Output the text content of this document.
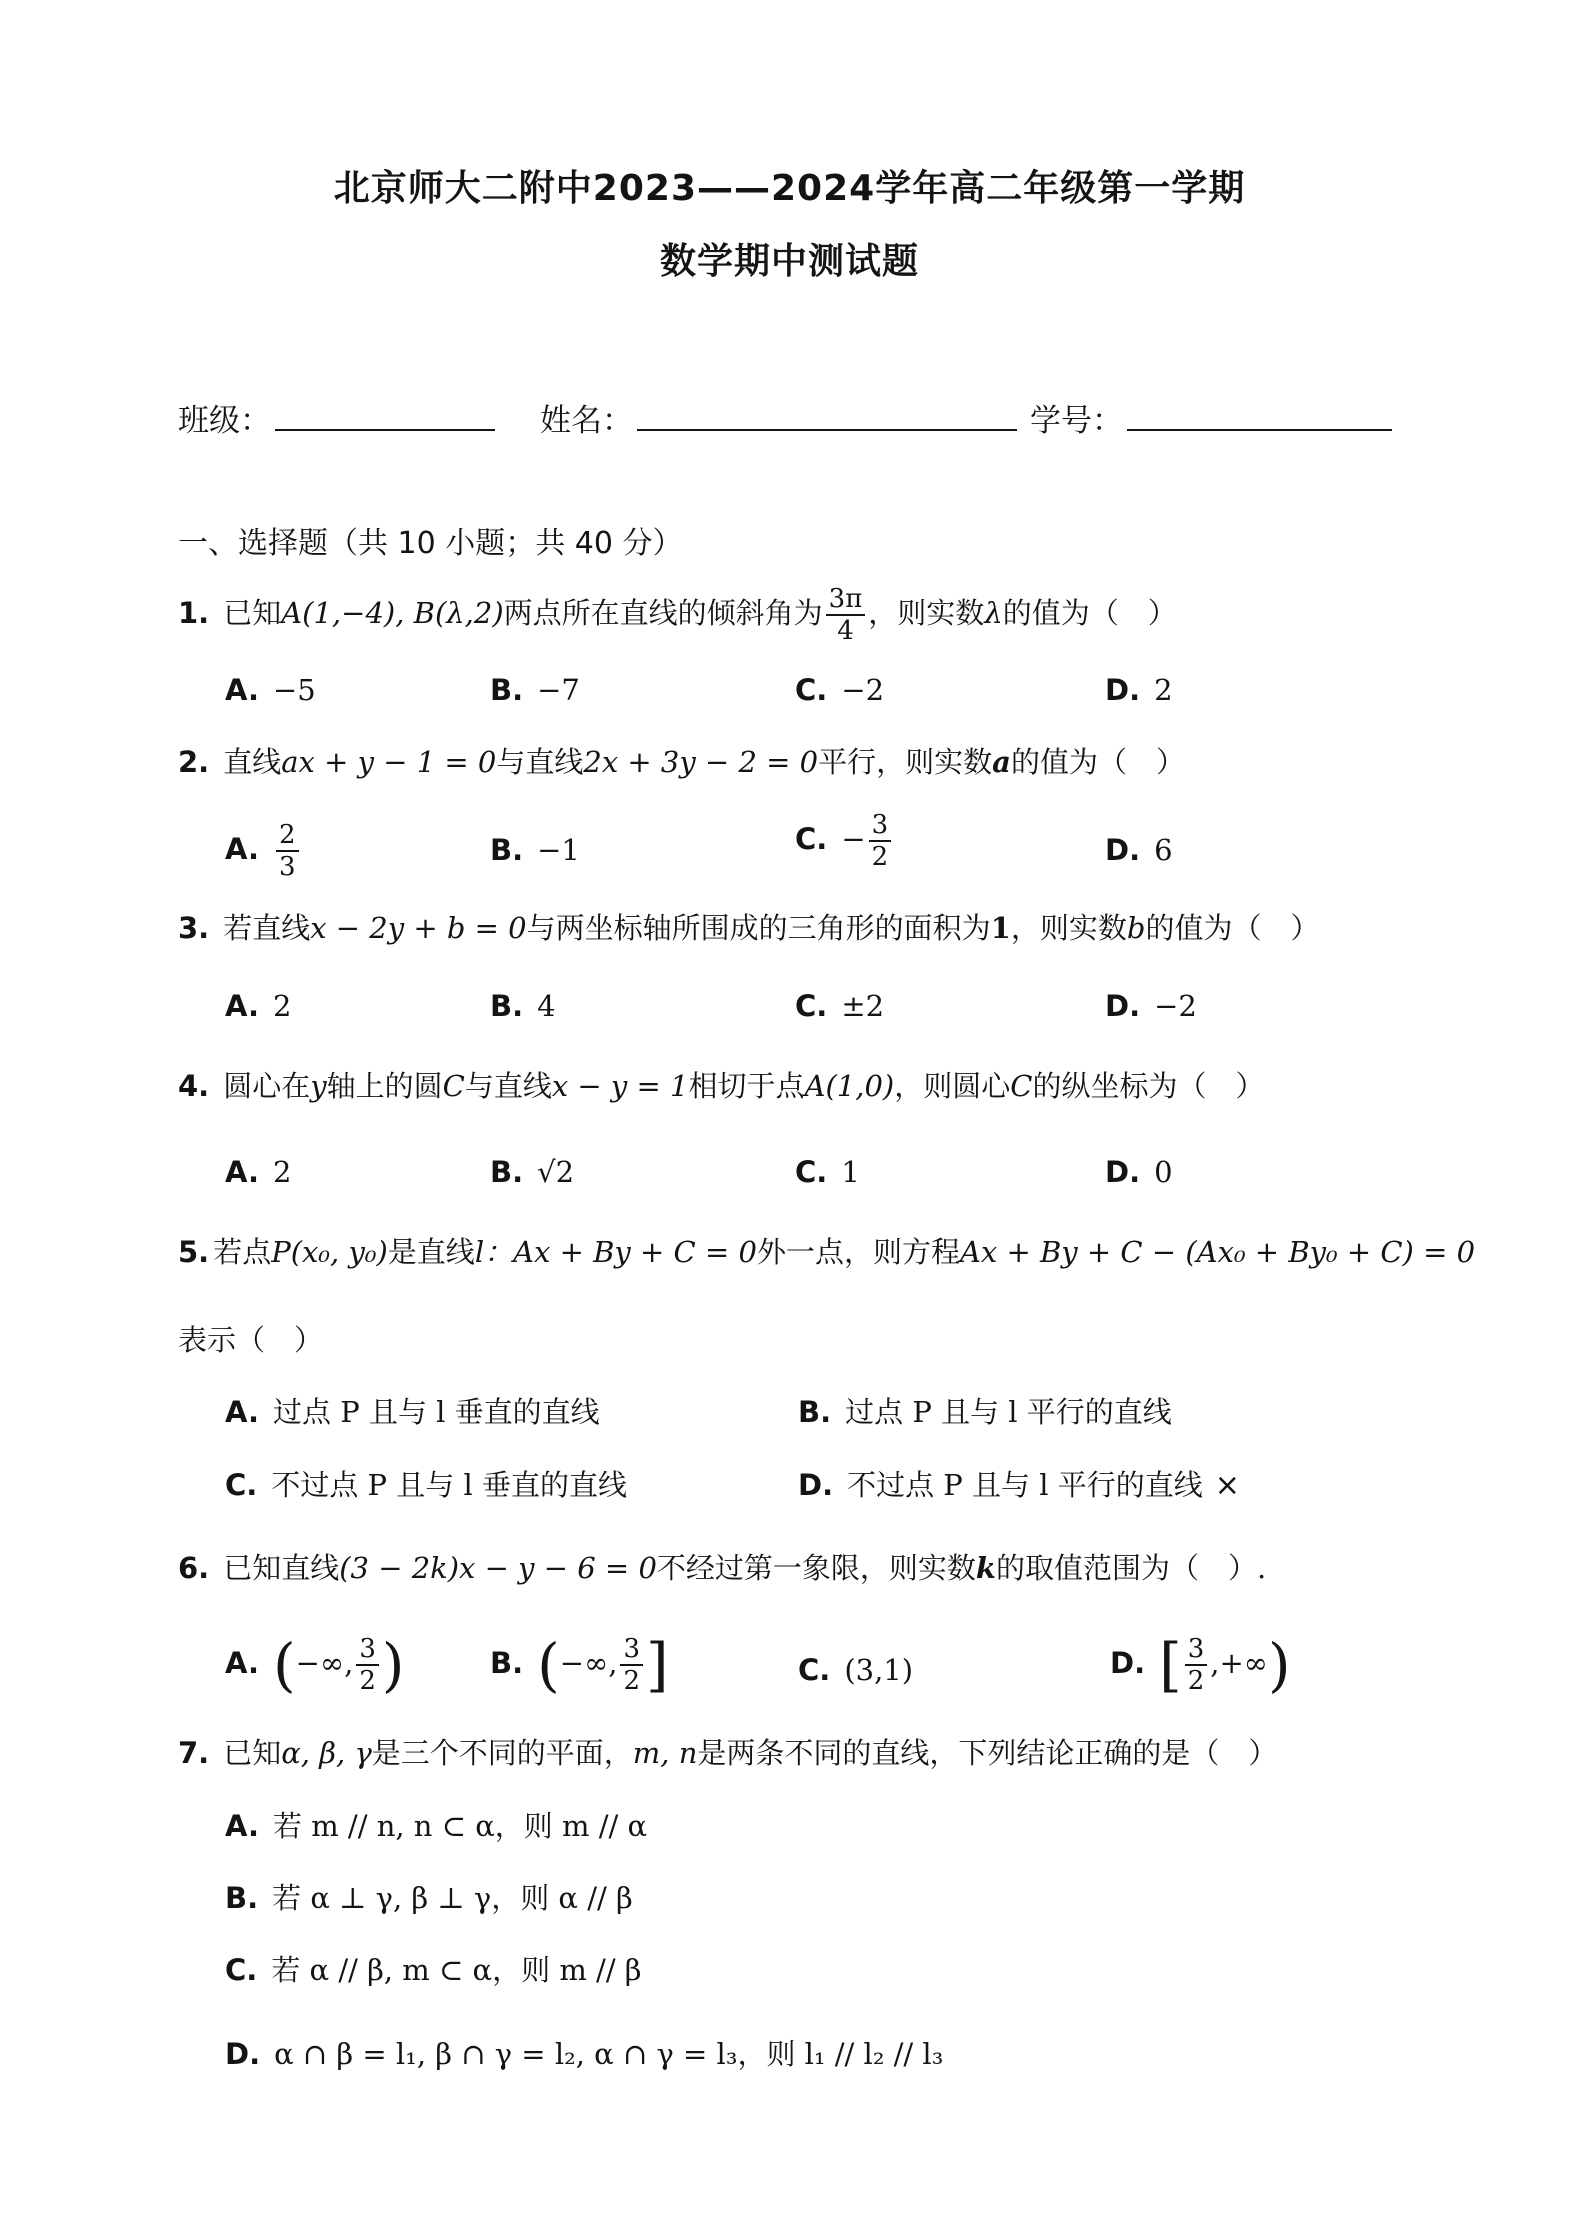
北京师大二附中2023——2024学年高二年级第一学期
数学期中测试题
班级：	姓名：	学号：
一、选择题（共 10 小题；共 40 分）
1. 已知A(1,−4), B(λ,2)两点所在直线的倾斜角为 $\frac{3\pi}{4}$ ，则实数λ的值为（　）
A. −5	B. −7	C. −2	D. 2
2. 直线ax + y − 1 = 0与直线2x + 3y − 2 = 0平行，则实数a的值为（　）
A. $\frac{2}{3}$	B. −1	C. − $\frac{3}{2}$	D. 6
3. 若直线x − 2y + b = 0与两坐标轴所围成的三角形的面积为1，则实数b的值为（　）
A. 2	B. 4	C. ±2	D. −2
4. 圆心在y轴上的圆C与直线x − y = 1相切于点A(1,0)，则圆心C的纵坐标为（　）
A. 2	B. √2	C. 1	D. 0
5. 若点P(x₀, y₀)是直线l：Ax + By + C = 0外一点，则方程Ax + By + C − (Ax₀ + By₀ + C) = 0
表示（　）
A. 过点 P 且与 l 垂直的直线	B. 过点 P 且与 l 平行的直线
C. 不过点 P 且与 l 垂直的直线	D. 不过点 P 且与 l 平行的直线 ×
6. 已知直线(3 − 2k)x − y − 6 = 0不经过第一象限，则实数k的取值范围为（　）.
A. (−∞, $\frac{3}{2}$ )	B. (−∞, $\frac{3}{2}$ ]	C. (3,1)	D. [ $\frac{3}{2}$ ,+∞)
7. 已知α, β, γ是三个不同的平面，m, n是两条不同的直线，下列结论正确的是（　）
A. 若 m // n, n ⊂ α，则 m // α
B. 若 α ⊥ γ, β ⊥ γ，则 α // β
C. 若 α // β, m ⊂ α，则 m // β
D. α ∩ β = l₁, β ∩ γ = l₂, α ∩ γ = l₃，则 l₁ // l₂ // l₃
